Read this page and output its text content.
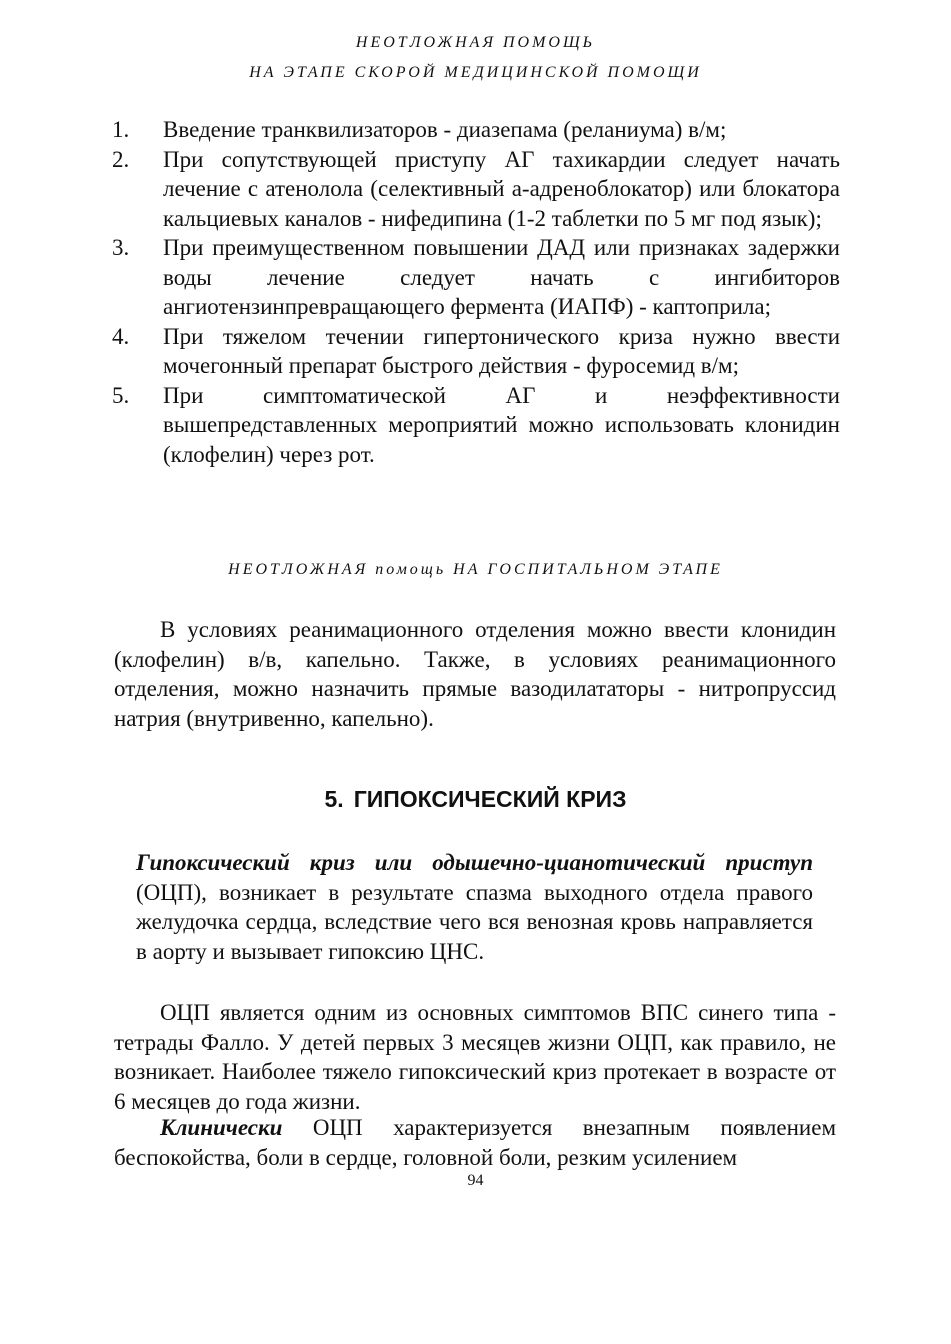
НЕОТЛОЖНАЯ ПОМОЩЬ
НА ЭТАПЕ СКОРОЙ МЕДИЦИНСКОЙ ПОМОЩИ
1.	Введение транквилизаторов - диазепама (реланиума) в/м;
2.	При сопутствующей приступу АГ тахикардии следует начать лечение с атенолола (селективный а-адреноблокатор) или блокатора кальциевых каналов - нифедипина (1-2 таблетки по 5 мг под язык);
3.	При преимущественном повышении ДАД или признаках задержки воды лечение следует начать с ингибиторов ангиотензинпревращающего фермента (ИАПФ) - каптоприла;
4.	При тяжелом течении гипертонического криза нужно ввести мочегонный препарат быстрого действия - фуросемид в/м;
5.	При симптоматической АГ и неэффективности вышепредставленных мероприятий можно использовать клонидин (клофелин) через рот.
НЕОТЛОЖНАЯ помощь НА ГОСПИТАЛЬНОМ ЭТАПЕ

В условиях реанимационного отделения можно ввести клонидин (клофелин) в/в, капельно. Также, в условиях реанимационного отделения, можно назначить прямые вазодилататоры - нитропруссид натрия (внутривенно, капельно).

5. ГИПОКСИЧЕСКИЙ КРИЗ

Гипоксический криз или одышечно-цианотический приступ (ОЦП), возникает в результате спазма выходного отдела правого желудочка сердца, вследствие чего вся венозная кровь направляется в аорту и вызывает гипоксию ЦНС.

ОЦП является одним из основных симптомов ВПС синего типа - тетрады Фалло. У детей первых 3 месяцев жизни ОЦП, как правило, не возникает. Наиболее тяжело гипоксический криз протекает в возрасте от 6 месяцев до года жизни.

Клинически ОЦП характеризуется внезапным появлением беспокойства, боли в сердце, головной боли, резким усилением

94
